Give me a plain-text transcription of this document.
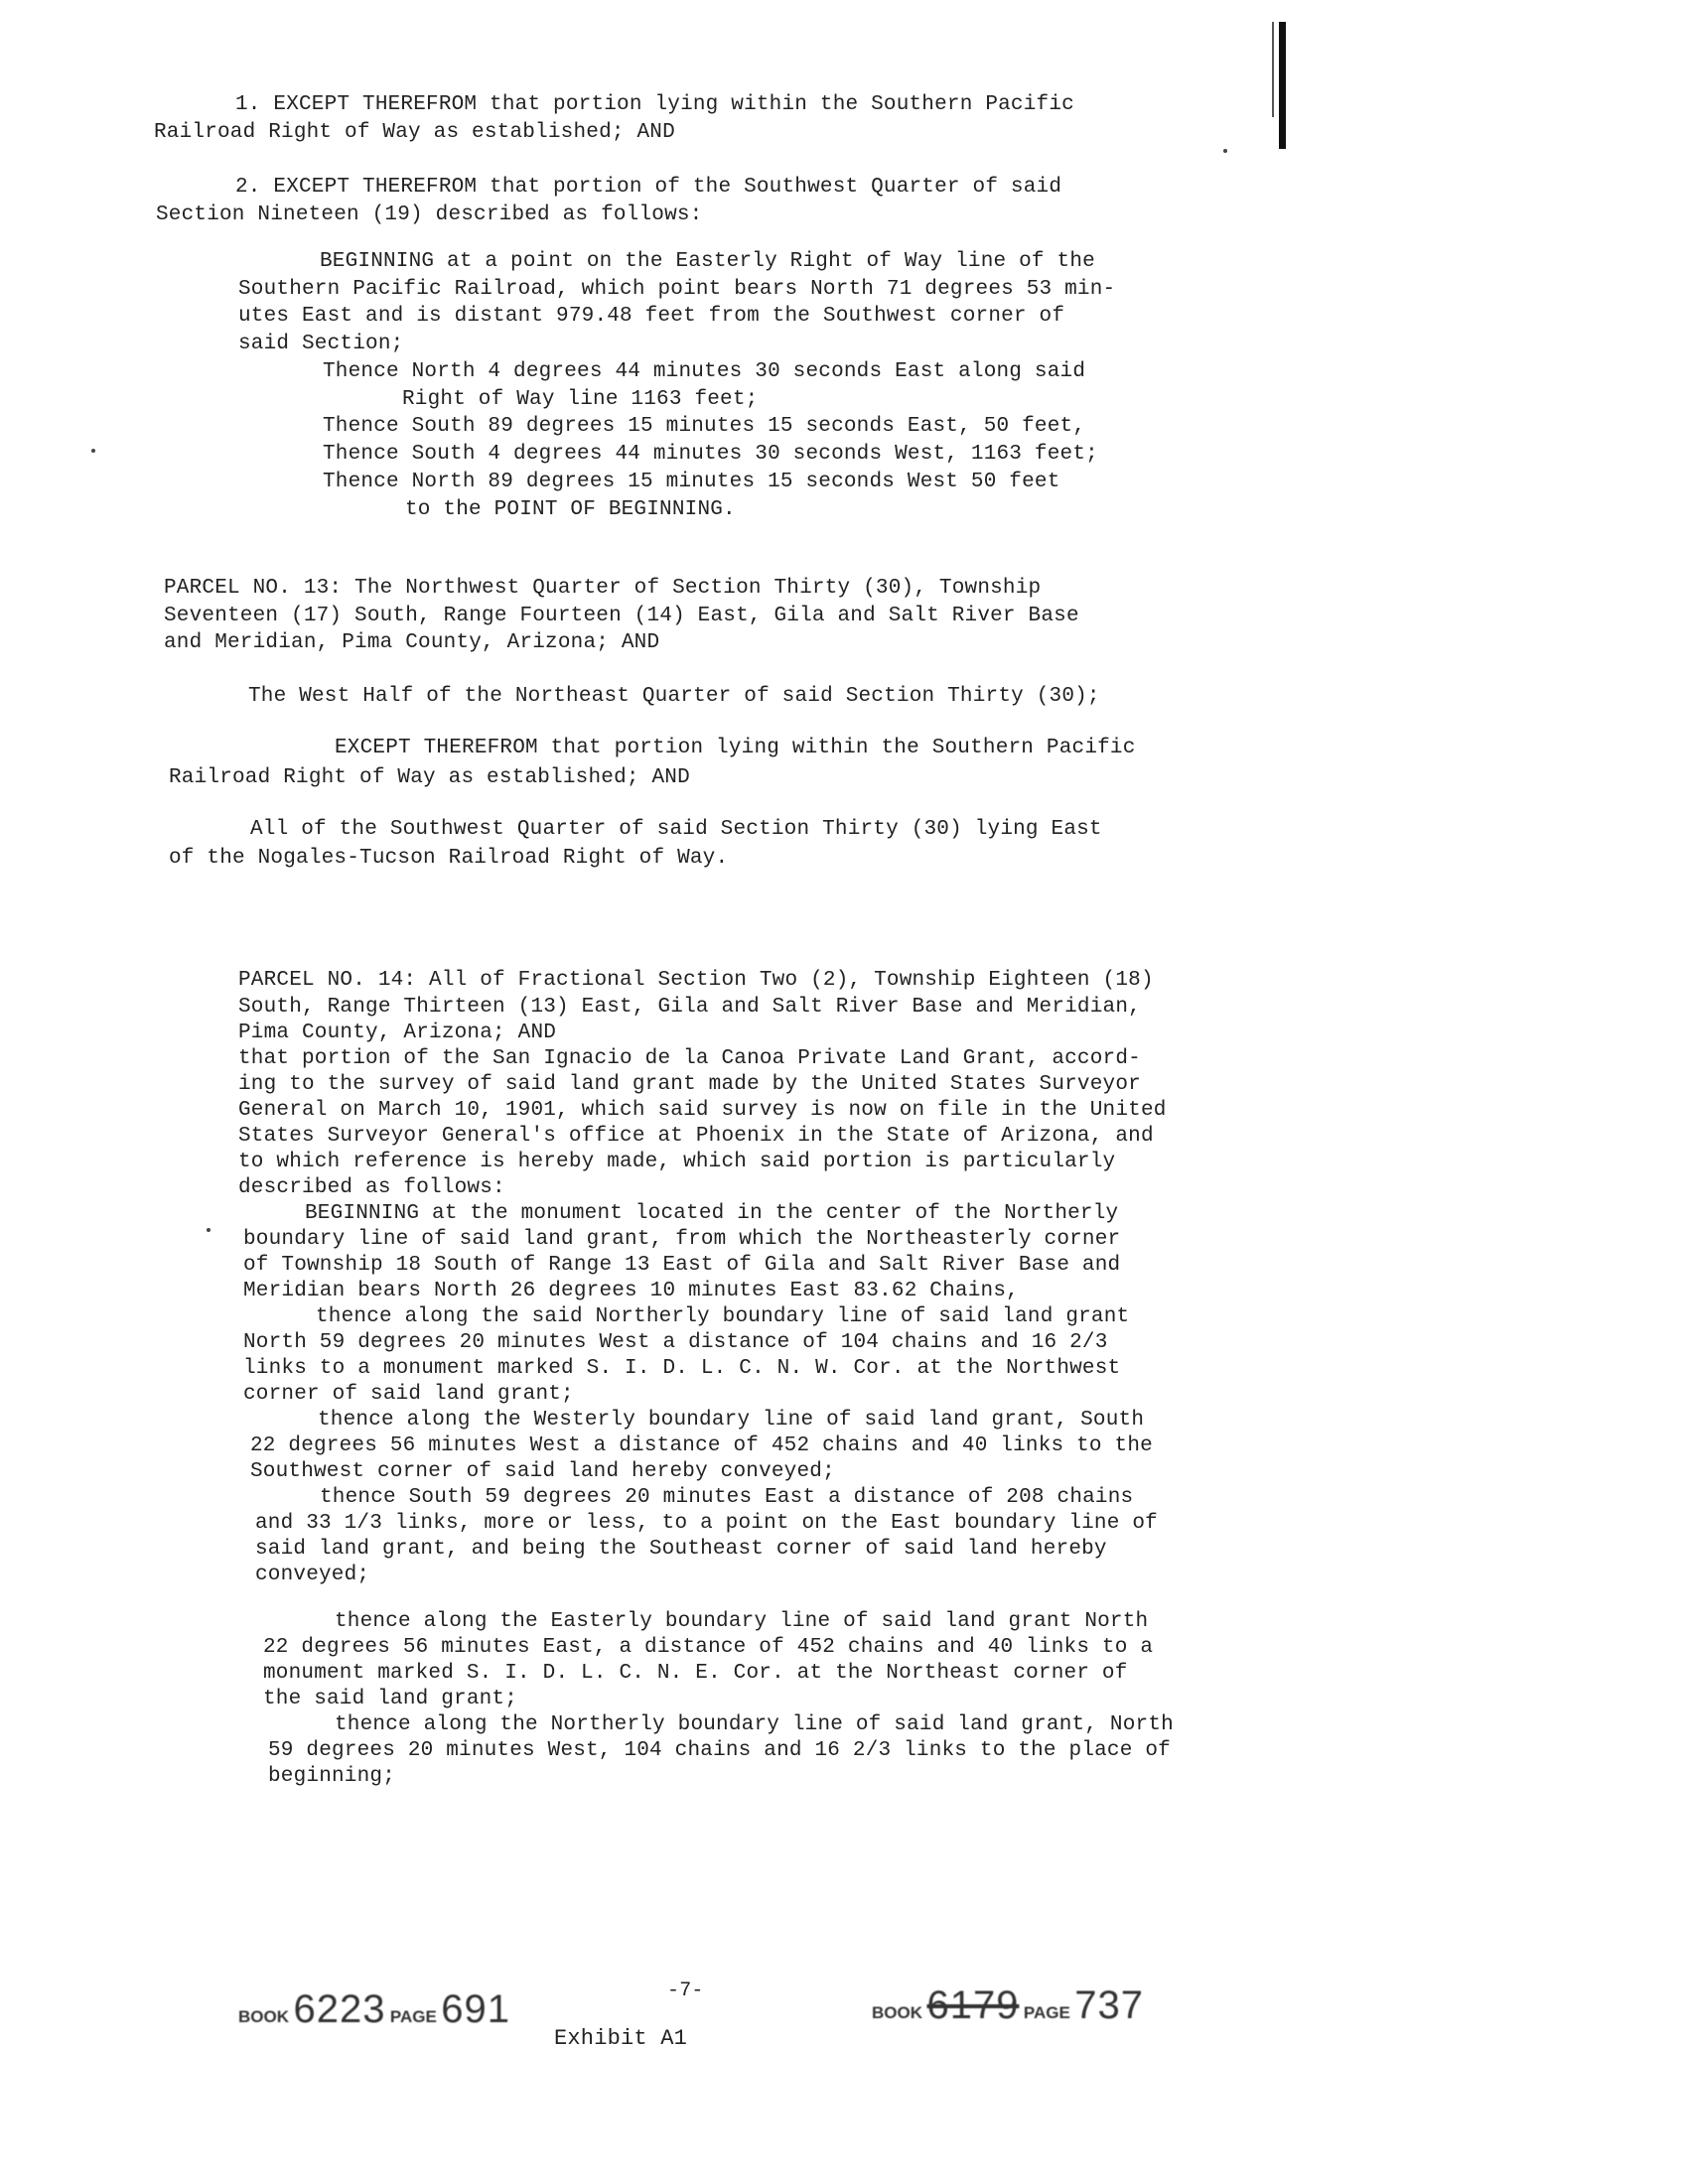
1. EXCEPT THEREFROM that portion lying within the Southern Pacific
Railroad Right of Way as established; AND
2. EXCEPT THEREFROM that portion of the Southwest Quarter of said
Section Nineteen (19) described as follows:
BEGINNING at a point on the Easterly Right of Way line of the
Southern Pacific Railroad, which point bears North 71 degrees 53 min-
utes East and is distant 979.48 feet from the Southwest corner of
said Section;
Thence North 4 degrees 44 minutes 30 seconds East along said
Right of Way line 1163 feet;
Thence South 89 degrees 15 minutes 15 seconds East, 50 feet,
Thence South 4 degrees 44 minutes 30 seconds West, 1163 feet;
Thence North 89 degrees 15 minutes 15 seconds West 50 feet
to the POINT OF BEGINNING.
PARCEL NO. 13: The Northwest Quarter of Section Thirty (30), Township
Seventeen (17) South, Range Fourteen (14) East, Gila and Salt River Base
and Meridian, Pima County, Arizona; AND
The West Half of the Northeast Quarter of said Section Thirty (30);
EXCEPT THEREFROM that portion lying within the Southern Pacific
Railroad Right of Way as established; AND
All of the Southwest Quarter of said Section Thirty (30) lying East
of the Nogales-Tucson Railroad Right of Way.
PARCEL NO. 14: All of Fractional Section Two (2), Township Eighteen (18)
South, Range Thirteen (13) East, Gila and Salt River Base and Meridian,
Pima County, Arizona; AND
that portion of the San Ignacio de la Canoa Private Land Grant, accord-
ing to the survey of said land grant made by the United States Surveyor
General on March 10, 1901, which said survey is now on file in the United
States Surveyor General's office at Phoenix in the State of Arizona, and
to which reference is hereby made, which said portion is particularly
described as follows:
BEGINNING at the monument located in the center of the Northerly
boundary line of said land grant, from which the Northeasterly corner
of Township 18 South of Range 13 East of Gila and Salt River Base and
Meridian bears North 26 degrees 10 minutes East 83.62 Chains,
thence along the said Northerly boundary line of said land grant
North 59 degrees 20 minutes West a distance of 104 chains and 16 2/3
links to a monument marked S. I. D. L. C. N. W. Cor. at the Northwest
corner of said land grant;
thence along the Westerly boundary line of said land grant, South
22 degrees 56 minutes West a distance of 452 chains and 40 links to the
Southwest corner of said land hereby conveyed;
thence South 59 degrees 20 minutes East a distance of 208 chains
and 33 1/3 links, more or less, to a point on the East boundary line of
said land grant, and being the Southeast corner of said land hereby
conveyed;
thence along the Easterly boundary line of said land grant North
22 degrees 56 minutes East, a distance of 452 chains and 40 links to a
monument marked S. I. D. L. C. N. E. Cor. at the Northeast corner of
the said land grant;
thence along the Northerly boundary line of said land grant, North
59 degrees 20 minutes West, 104 chains and 16 2/3 links to the place of
beginning;
BOOK 6223 PAGE 691	-7-
BOOK 6179 PAGE 737
Exhibit A1
